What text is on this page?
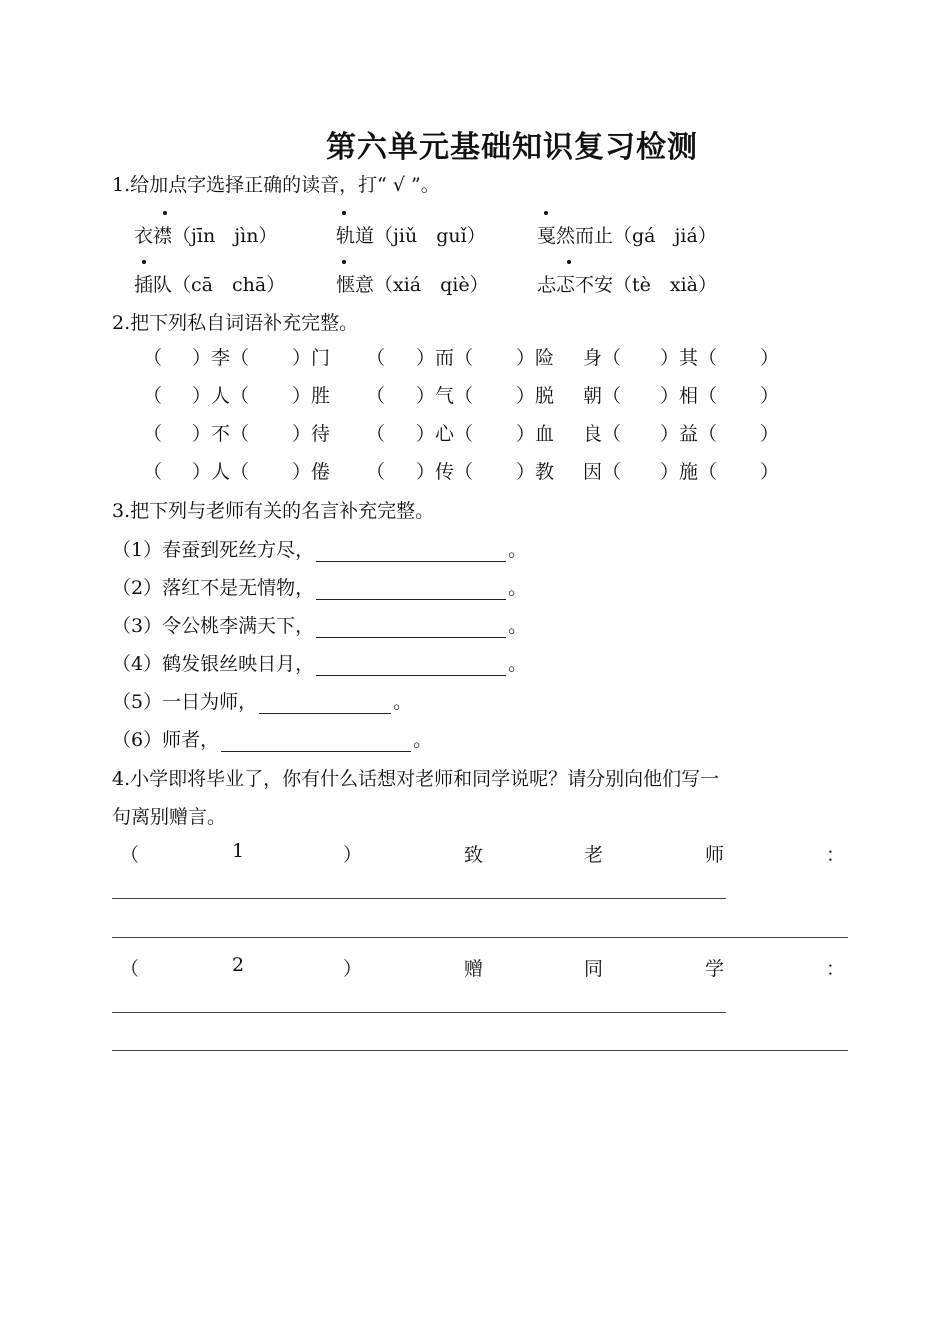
第六单元基础知识复习检测
1.给加点字选择正确的读音，打“ √ ”。
衣襟（jīn　jìn）	轨道（jiǔ　guǐ）	戛然而止（gá　jiá）
插队（cā　chā）	惬意（xiá　qiè）	忐忑不安（tè　xià）
2.把下列私自词语补充完整。
（ ）李（ ）门 （ ）而（ ）险 身（ ）其（ ）
（ ）人（ ）胜 （ ）气（ ）脱 朝（ ）相（ ）
（ ）不（ ）待 （ ）心（ ）血 良（ ）益（ ）
（ ）人（ ）倦 （ ）传（ ）教 因（ ）施（ ）
3.把下列与老师有关的名言补充完整。
（1）春蚕到死丝方尽，	。
（2）落红不是无情物，	。
（3）令公桃李满天下，	。
（4）鹤发银丝映日月，	。
（5）一日为师，	。
（6）师者，	。
4.小学即将毕业了，你有什么话想对老师和同学说呢？请分别向他们写一
句离别赠言。
（	1	）	致	老	师	：
（	2	）	赠	同	学	：
